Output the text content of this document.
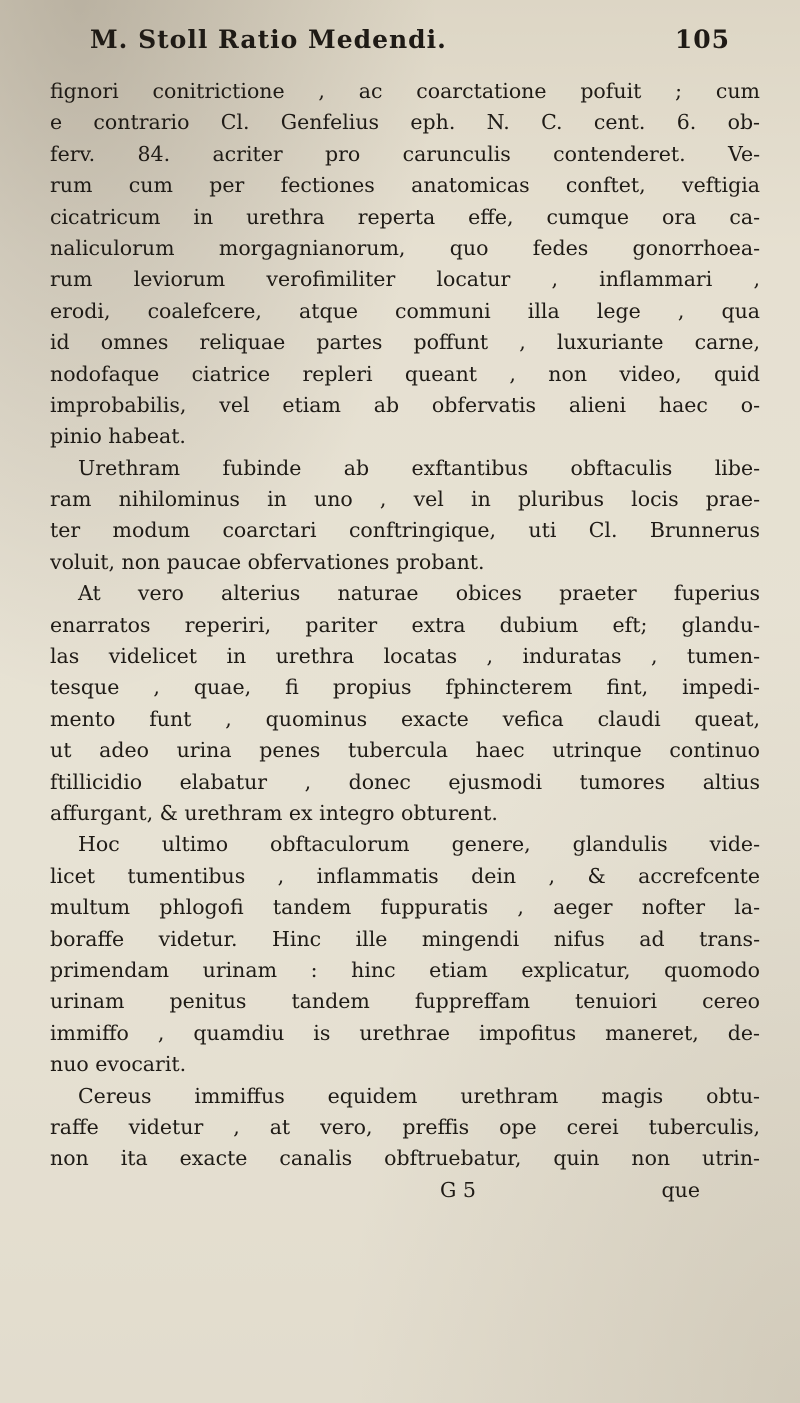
M. Stoll Ratio Medendi.	105
fignori conitrictione , ac coarctatione pofuit ; cum
e contrario Cl. Genfelius eph. N. C. cent. 6. ob-
ferv. 84. acriter pro carunculis contenderet. Ve-
rum cum per fectiones anatomicas conftet, veftigia
cicatricum in urethra reperta effe, cumque ora ca-
naliculorum morgagnianorum, quo fedes gonorrhoea-
rum leviorum verofimiliter locatur , inflammari ,
erodi, coalefcere, atque communi illa lege , qua
id omnes reliquae partes poffunt , luxuriante carne,
nodofaque ciatrice repleri queant , non video, quid
improbabilis, vel etiam ab obfervatis alieni haec o-
pinio habeat.
Urethram fubinde ab exftantibus obftaculis libe-
ram nihilominus in uno , vel in pluribus locis prae-
ter modum coarctari conftringique, uti Cl. Brunnerus
voluit, non paucae obfervationes probant.
At vero alterius naturae obices praeter fuperius
enarratos reperiri, pariter extra dubium eft; glandu-
las videlicet in urethra locatas , induratas , tumen-
tesque , quae, fi propius fphincterem fint, impedi-
mento funt , quominus exacte vefica claudi queat,
ut adeo urina penes tubercula haec utrinque continuo
ftillicidio elabatur , donec ejusmodi tumores altius
affurgant, & urethram ex integro obturent.
Hoc ultimo obftaculorum genere, glandulis vide-
licet tumentibus , inflammatis dein , & accrefcente
multum phlogofi tandem fuppuratis , aeger nofter la-
boraffe videtur. Hinc ille mingendi nifus ad trans-
primendam urinam : hinc etiam explicatur, quomodo
urinam penitus tandem fuppreffam tenuiori cereo
immiffo , quamdiu is urethrae impofitus maneret, de-
nuo evocarit.
Cereus immiffus equidem urethram magis obtu-
raffe videtur , at vero, preffis ope cerei tuberculis,
non ita exacte canalis obftruebatur, quin non utrin-
G 5	que
